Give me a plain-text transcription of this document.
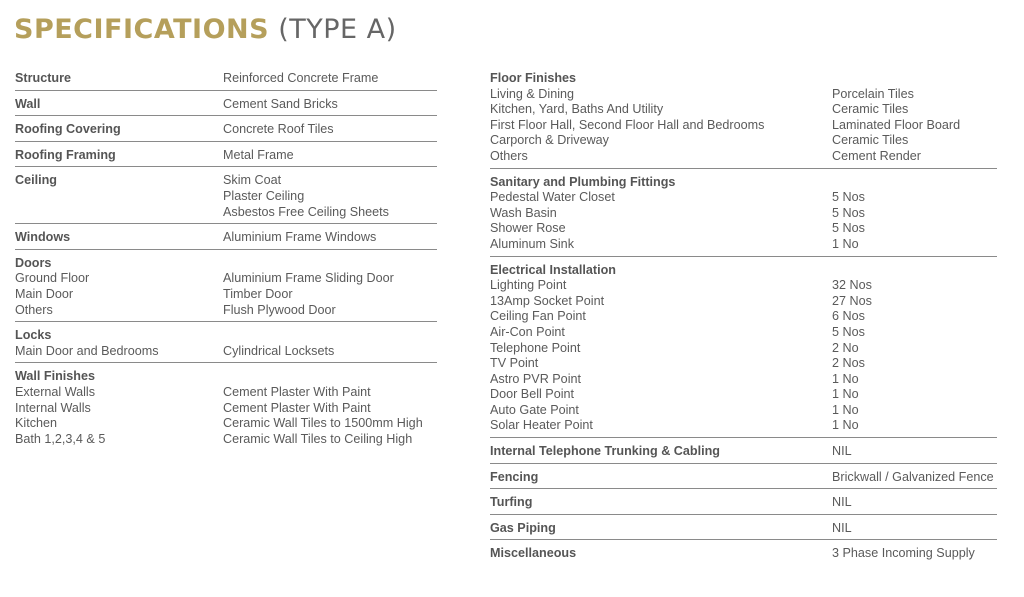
SPECIFICATIONS (TYPE A)
Structure	Reinforced Concrete Frame
Wall	Cement Sand Bricks
Roofing Covering	Concrete Roof Tiles
Roofing Framing	Metal Frame
Ceiling	Skim Coat
Plaster Ceiling
Asbestos Free Ceiling Sheets
Windows	Aluminium Frame Windows
Doors
Ground Floor	Aluminium Frame Sliding Door
Main Door	Timber Door
Others	Flush Plywood Door
Locks
Main Door and Bedrooms	Cylindrical Locksets
Wall Finishes
External Walls	Cement Plaster With Paint
Internal Walls	Cement Plaster With Paint
Kitchen	Ceramic Wall Tiles to 1500mm High
Bath 1,2,3,4 & 5	Ceramic Wall Tiles to Ceiling High
Floor Finishes
Living & Dining	Porcelain Tiles
Kitchen, Yard, Baths And Utility	Ceramic Tiles
First Floor Hall, Second Floor Hall and Bedrooms	Laminated Floor Board
Carporch & Driveway	Ceramic Tiles
Others	Cement Render
Sanitary and Plumbing Fittings
Pedestal Water Closet	5 Nos
Wash Basin	5 Nos
Shower Rose	5 Nos
Aluminum Sink	1 No
Electrical Installation
Lighting Point	32 Nos
13Amp Socket Point	27 Nos
Ceiling Fan Point	6 Nos
Air-Con Point	5 Nos
Telephone Point	2 No
TV Point	2 Nos
Astro PVR Point	1 No
Door Bell Point	1 No
Auto Gate Point	1 No
Solar Heater Point	1 No
Internal Telephone Trunking & Cabling	NIL
Fencing	Brickwall / Galvanized Fence
Turfing	NIL
Gas Piping	NIL
Miscellaneous	3 Phase Incoming Supply
